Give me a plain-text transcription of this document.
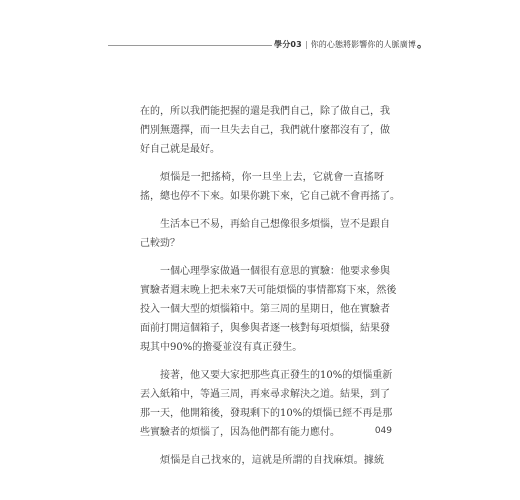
學分03 | 你的心態將影響你的人脈廣博 。
在的，所以我們能把握的還是我們自己，除了做自己，我
們別無選擇，而一旦失去自己，我們就什麼都沒有了，做
好自己就是最好。
煩惱是一把搖椅，你一旦坐上去，它就會一直搖呀
搖，總也停不下來。如果你跳下來，它自己就不會再搖了。
生活本已不易，再給自己想像很多煩惱，豈不是跟自
己較勁？
一個心理學家做過一個很有意思的實驗：他要求參與
實驗者週末晚上把未來7天可能煩惱的事情都寫下來，然後
投入一個大型的煩惱箱中。第三周的星期日，他在實驗者
面前打開這個箱子，與參與者逐一核對每項煩惱，結果發
現其中90%的擔憂並沒有真正發生。
接著，他又要大家把那些真正發生的10%的煩惱重新
丟入紙箱中，等過三周，再來尋求解決之道。結果，到了
那一天，他開箱後，發現剩下的10%的煩惱已經不再是那
些實驗者的煩惱了，因為他們都有能力應付。
煩惱是自己找來的，這就是所謂的自找麻煩。據統
049
